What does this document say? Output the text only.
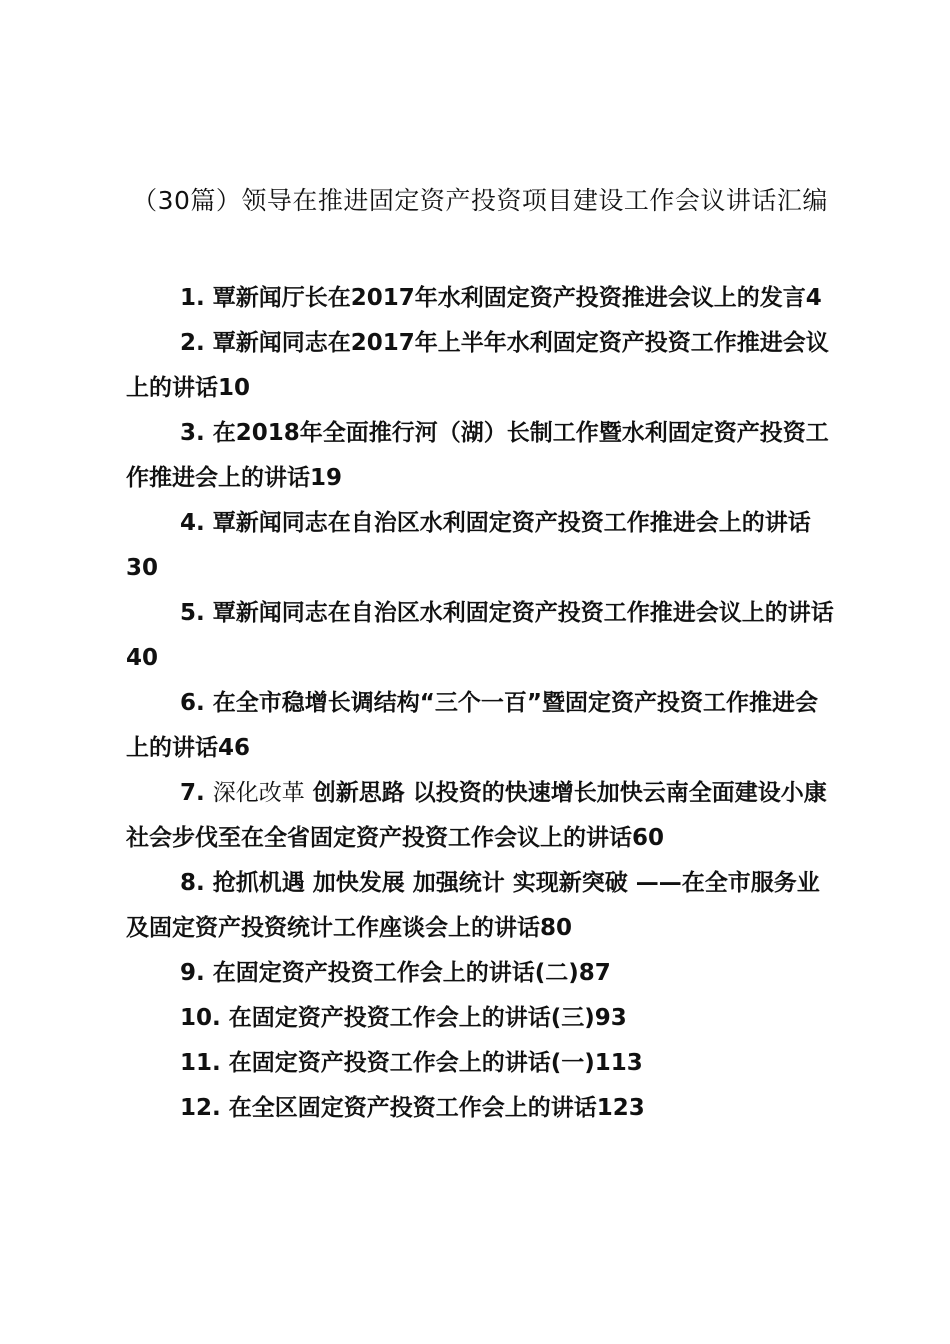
（30篇）领导在推进固定资产投资项目建设工作会议讲话汇编
1. 覃新闻厅长在2017年水利固定资产投资推进会议上的发言4
2. 覃新闻同志在2017年上半年水利固定资产投资工作推进会议上的讲话10
3. 在2018年全面推行河（湖）长制工作暨水利固定资产投资工作推进会上的讲话19
4. 覃新闻同志在自治区水利固定资产投资工作推进会上的讲话30
5. 覃新闻同志在自治区水利固定资产投资工作推进会议上的讲话40
6. 在全市稳增长调结构“三个一百”暨固定资产投资工作推进会上的讲话46
7. 深化改革 创新思路 以投资的快速增长加快云南全面建设小康社会步伐至在全省固定资产投资工作会议上的讲话60
8. 抢抓机遇 加快发展 加强统计 实现新突破 ——在全市服务业及固定资产投资统计工作座谈会上的讲话80
9. 在固定资产投资工作会上的讲话(二)87
10. 在固定资产投资工作会上的讲话(三)93
11. 在固定资产投资工作会上的讲话(一)113
12. 在全区固定资产投资工作会上的讲话123
